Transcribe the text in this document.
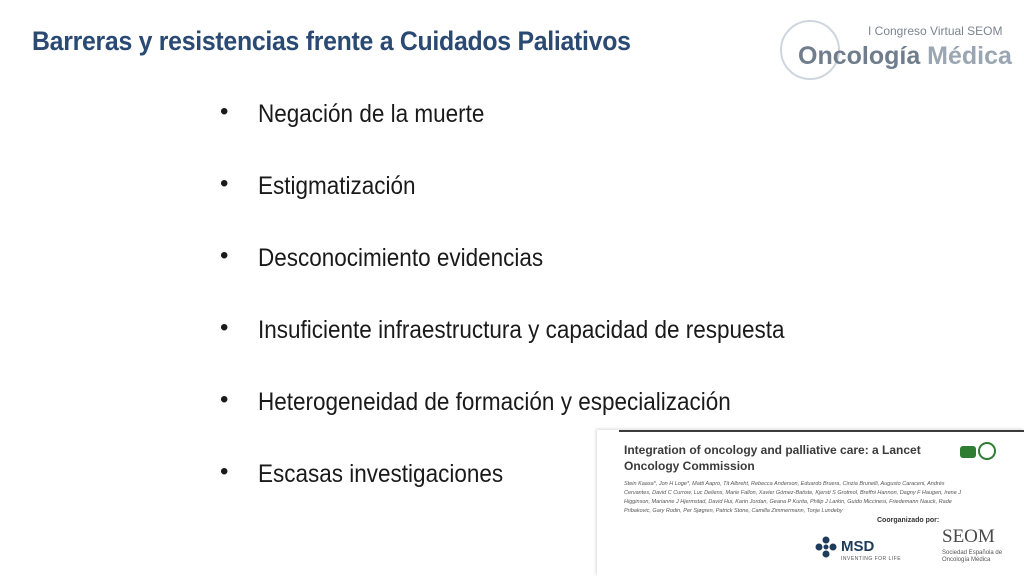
Barreras y resistencias frente a Cuidados Paliativos	I Congreso Virtual SEOM
Oncología Médica
• Negación de la muerte
• Estigmatización
• Desconocimiento evidencias
• Insuficiente infraestructura y capacidad de respuesta
• Heterogeneidad de formación y especialización
• Escasas investigaciones
Integration of oncology and palliative care: a Lancet Oncology Commission
Stein Kaasa*, Jon H Loge*, Matti Aapro, Tit Albreht, Rebecca Anderson, Eduardo Bruera, Cinzia Brunelli, Augusto Caraceni, Andrés Cervantes, David C Currow, Luc Deliens, Marie Fallon, Xavier Gómez-Batiste, Kjersti S Grotmol, Breffni Hannon, Dagny F Haugen, Irene J Higginson, Marianne J Hjermstad, David Hui, Karin Jordan, Geana P Kurita, Philip J Larkin, Guido Miccinesi, Friedemann Nauck, Rade Pribakovic, Gary Rodin, Per Sjøgren, Patrick Stone, Camilla Zimmermann, Tonje Lundeby
Coorganizado por:
MSD
INVENTING FOR LIFE
SEOM
Sociedad Española de Oncología Médica
